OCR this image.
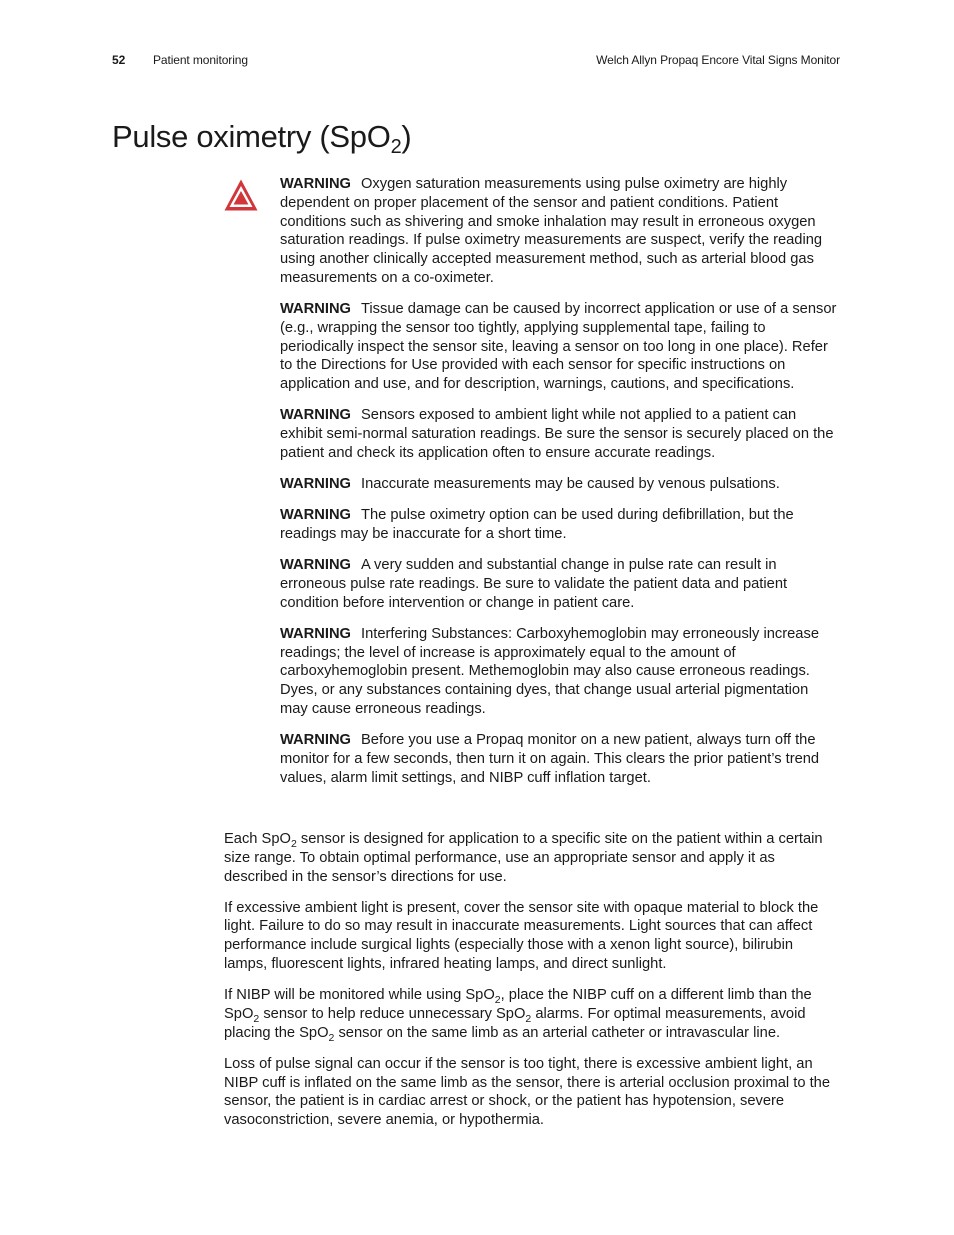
52 Patient monitoring	Welch Allyn Propaq Encore Vital Signs Monitor
Pulse oximetry (SpO$_2$)

WARNING Oxygen saturation measurements using pulse oximetry are highly dependent on proper placement of the sensor and patient conditions. Patient conditions such as shivering and smoke inhalation may result in erroneous oxygen saturation readings. If pulse oximetry measurements are suspect, verify the reading using another clinically accepted measurement method, such as arterial blood gas measurements on a co-oximeter.

WARNING Tissue damage can be caused by incorrect application or use of a sensor (e.g., wrapping the sensor too tightly, applying supplemental tape, failing to periodically inspect the sensor site, leaving a sensor on too long in one place). Refer to the Directions for Use provided with each sensor for specific instructions on application and use, and for description, warnings, cautions, and specifications.

WARNING Sensors exposed to ambient light while not applied to a patient can exhibit semi-normal saturation readings. Be sure the sensor is securely placed on the patient and check its application often to ensure accurate readings.

WARNING Inaccurate measurements may be caused by venous pulsations.

WARNING The pulse oximetry option can be used during defibrillation, but the readings may be inaccurate for a short time.

WARNING A very sudden and substantial change in pulse rate can result in erroneous pulse rate readings. Be sure to validate the patient data and patient condition before intervention or change in patient care.

WARNING Interfering Substances: Carboxyhemoglobin may erroneously increase readings; the level of increase is approximately equal to the amount of carboxyhemoglobin present. Methemoglobin may also cause erroneous readings. Dyes, or any substances containing dyes, that change usual arterial pigmentation may cause erroneous readings.

WARNING Before you use a Propaq monitor on a new patient, always turn off the monitor for a few seconds, then turn it on again. This clears the prior patient’s trend values, alarm limit settings, and NIBP cuff inflation target.

Each SpO$_2$ sensor is designed for application to a specific site on the patient within a certain size range. To obtain optimal performance, use an appropriate sensor and apply it as described in the sensor’s directions for use.

If excessive ambient light is present, cover the sensor site with opaque material to block the light. Failure to do so may result in inaccurate measurements. Light sources that can affect performance include surgical lights (especially those with a xenon light source), bilirubin lamps, fluorescent lights, infrared heating lamps, and direct sunlight.

If NIBP will be monitored while using SpO$_2$, place the NIBP cuff on a different limb than the SpO$_2$ sensor to help reduce unnecessary SpO$_2$ alarms. For optimal measurements, avoid placing the SpO$_2$ sensor on the same limb as an arterial catheter or intravascular line.

Loss of pulse signal can occur if the sensor is too tight, there is excessive ambient light, an NIBP cuff is inflated on the same limb as the sensor, there is arterial occlusion proximal to the sensor, the patient is in cardiac arrest or shock, or the patient has hypotension, severe vasoconstriction, severe anemia, or hypothermia.
